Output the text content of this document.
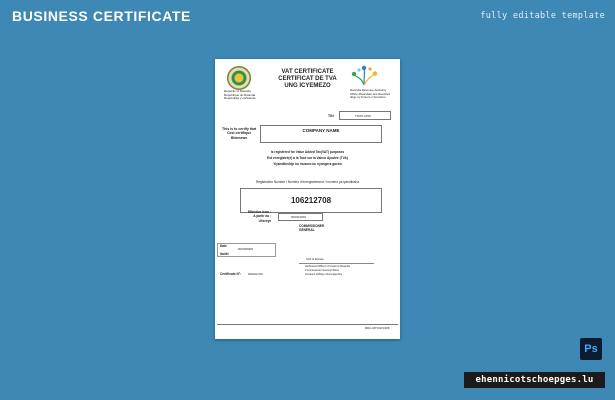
BUSINESS CERTIFICATE	fully editable template
Republic of Rwanda
République du Rwanda
Repubulika y'u Rwanda
VAT CERTIFICATE
CERTIFICAT DE TVA
UNG ICYEMEZO
Rwanda Revenue Authority
Office Rwandais des Recettes
Ikigo cy'Imisoro n'Amahoro
TIN	TIN07-0706
This is to certify that
Cest certifique
Bitemewe
COMPANY NAME
is registered for Value Added Tax(VAT) purposes
Est enregistré(e) à la Taxe sur la Valeur Ajoutée (TVA)
Yiyandikishije ku musoro ku nyongera gaciro
Registration Number / Numéro d'enregistrement / Inomero ya iyandikisha
106212708
Effective from :
A partir du :
Uhereye
00/00/1200
COMMISSIONER
GÉNÉRAL
Date
Itariki
00/00/0000
VAT & Excise
Authorised Officer of Customs Rwanda
Commissioner General Taxes
Umukozi ubifitiye uburenganzira
Certificate N°: 000HHC00
RRA-VAT/CR/1/206
Ps
ehennicotschoepges.lu
